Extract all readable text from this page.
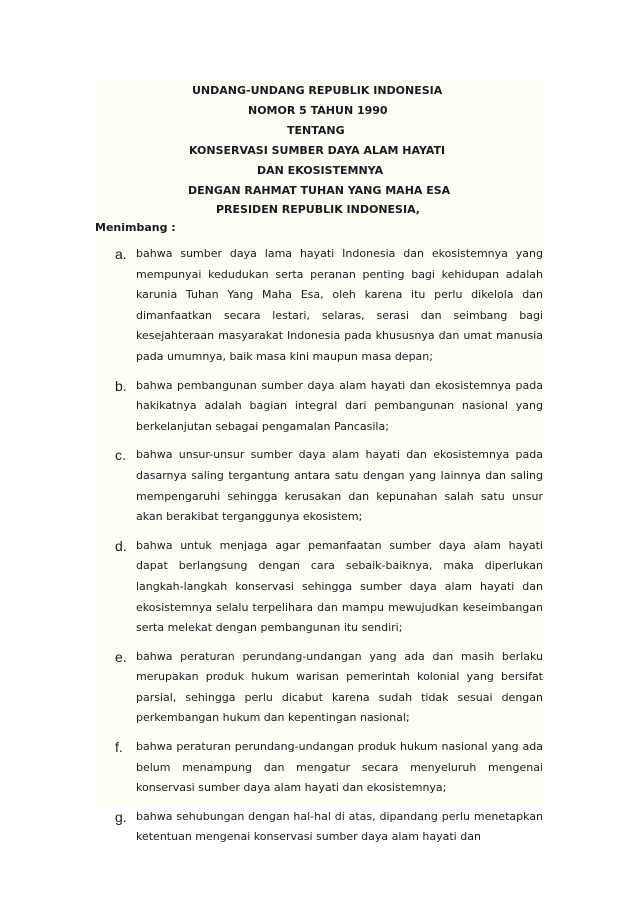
UNDANG-UNDANG REPUBLIK INDONESIA
NOMOR 5 TAHUN 1990
TENTANG
KONSERVASI SUMBER DAYA ALAM HAYATI
DAN EKOSISTEMNYA
DENGAN RAHMAT TUHAN YANG MAHA ESA
PRESIDEN REPUBLIK INDONESIA,
Menimbang :
a. bahwa sumber daya lama hayati Indonesia dan ekosistemnya yang mempunyai kedudukan serta peranan penting bagi kehidupan adalah karunia Tuhan Yang Maha Esa, oleh karena itu perlu dikelola dan dimanfaatkan secara lestari, selaras, serasi dan seimbang bagi kesejahteraan masyarakat Indonesia pada khususnya dan umat manusia pada umumnya, baik masa kini maupun masa depan;
b. bahwa pembangunan sumber daya alam hayati dan ekosistemnya pada hakikatnya adalah bagian integral dari pembangunan nasional yang berkelanjutan sebagai pengamalan Pancasila;
c. bahwa unsur-unsur sumber daya alam hayati dan ekosistemnya pada dasarnya saling tergantung antara satu dengan yang lainnya dan saling mempengaruhi sehingga kerusakan dan kepunahan salah satu unsur akan berakibat terganggunya ekosistem;
d. bahwa untuk menjaga agar pemanfaatan sumber daya alam hayati dapat berlangsung dengan cara sebaik-baiknya, maka diperlukan langkah-langkah konservasi sehingga sumber daya alam hayati dan ekosistemnya selalu terpelihara dan mampu mewujudkan keseimbangan serta melekat dengan pembangunan itu sendiri;
e. bahwa peraturan perundang-undangan yang ada dan masih berlaku merupakan produk hukum warisan pemerintah kolonial yang bersifat parsial, sehingga perlu dicabut karena sudah tidak sesuai dengan perkembangan hukum dan kepentingan nasional;
f. bahwa peraturan perundang-undangan produk hukum nasional yang ada belum menampung dan mengatur secara menyeluruh mengenai konservasi sumber daya alam hayati dan ekosistemnya;
g. bahwa sehubungan dengan hal-hal di atas, dipandang perlu menetapkan ketentuan mengenai konservasi sumber daya alam hayati dan
